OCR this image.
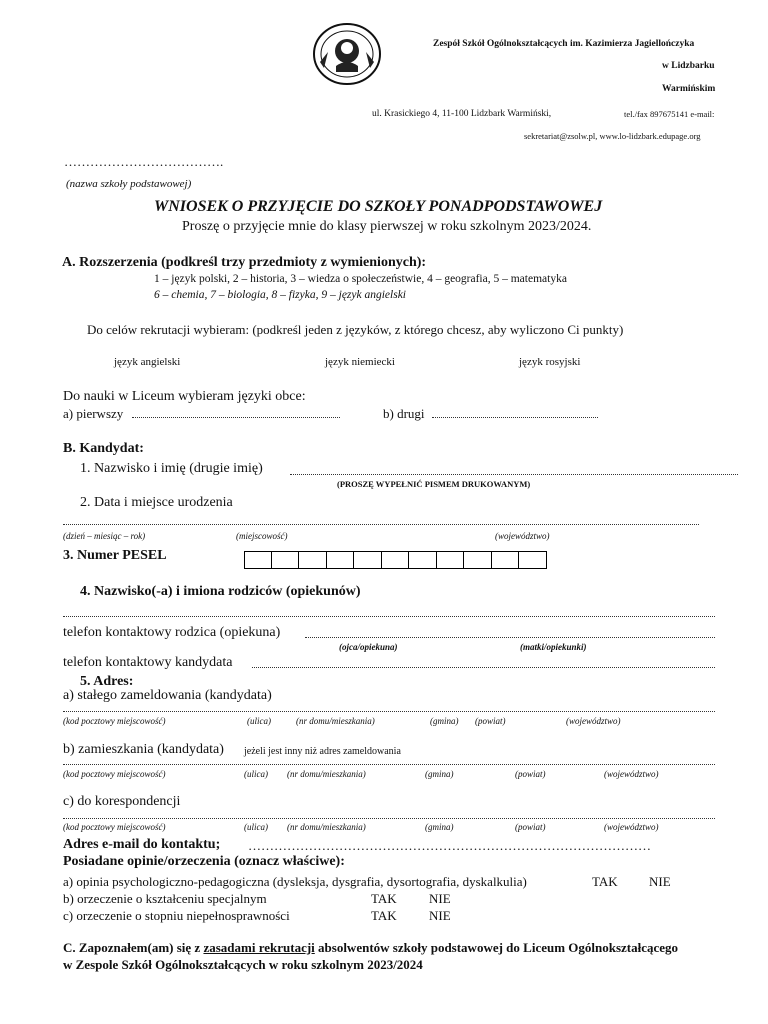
Zespół Szkół Ogólnokształcących im. Kazimierza Jagiellończyka
w Lidzbarku
Warmińskim
ul. Krasickiego 4, 11-100 Lidzbark Warmiński,	tel./fax 897675141 e-mail:
sekretariat@zsolw.pl, www.lo-lidzbark.edupage.org
……………………………….
(nazwa szkoły podstawowej)
WNIOSEK O PRZYJĘCIE DO SZKOŁY PONADPODSTAWOWEJ
Proszę o przyjęcie mnie do klasy pierwszej w roku szkolnym 2023/2024.
A. Rozszerzenia (podkreśl trzy przedmioty z wymienionych):
1 – język polski, 2 – historia, 3 – wiedza o społeczeństwie, 4 – geografia, 5 – matematyka
6 – chemia, 7 – biologia, 8 – fizyka, 9 – język angielski
Do celów rekrutacji wybieram: (podkreśl jeden z języków, z którego chcesz, aby wyliczono Ci punkty)
język angielski	język niemiecki	język rosyjski
Do nauki w Liceum wybieram języki obce:
a) pierwszy	b) drugi
B. Kandydat:
1. Nazwisko i imię (drugie imię)
(PROSZĘ WYPEŁNIĆ PISMEM DRUKOWANYM)
2. Data i miejsce urodzenia
(dzień – miesiąc – rok)	(miejscowość)	(województwo)
3. Numer PESEL
4. Nazwisko(-a) i imiona rodziców (opiekunów)
telefon kontaktowy rodzica (opiekuna)
(ojca/opiekuna)	(matki/opiekunki)
telefon kontaktowy kandydata
5. Adres:
a) stałego zameldowania (kandydata)
(kod pocztowy miejscowość)	(ulica)	(nr domu/mieszkania)	(gmina) (powiat)	(województwo)
b) zamieszkania (kandydata) jeżeli jest inny niż adres zameldowania
(kod pocztowy miejscowość)	(ulica) (nr domu/mieszkania)	(gmina)	(powiat)	(województwo)
c) do korespondencji
(kod pocztowy miejscowość)	(ulica) (nr domu/mieszkania)	(gmina)	(powiat)	(województwo)
Adres e-mail do kontaktu; …………………………………………………………………………………
Posiadane opinie/orzeczenia (oznacz właściwe):
a) opinia psychologiczno-pedagogiczna (dysleksja, dysgrafia, dysortografia, dyskalkulia)	TAK NIE
b) orzeczenie o kształceniu specjalnym	TAK NIE
c) orzeczenie o stopniu niepełnosprawności	TAK NIE
C. Zapoznałem(am) się z zasadami rekrutacji absolwentów szkoły podstawowej do Liceum Ogólnokształcącego
w Zespole Szkół Ogólnokształcących w roku szkolnym 2023/2024
